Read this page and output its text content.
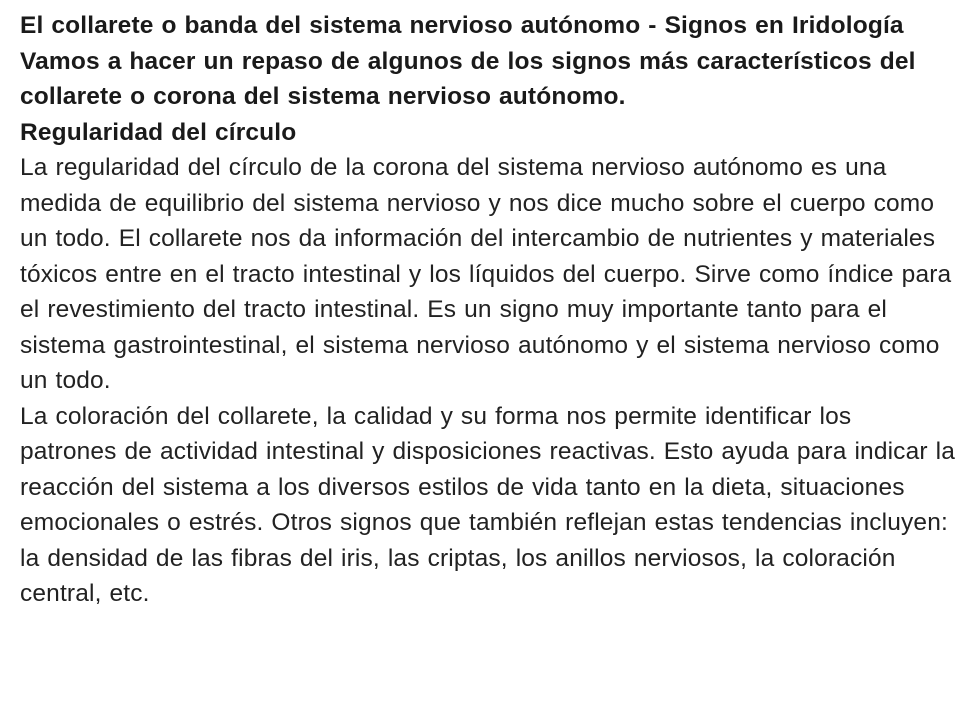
El collarete o banda del sistema nervioso autónomo - Signos en Iridología

Vamos a hacer un repaso de algunos de los signos más característicos del collarete o corona del sistema nervioso autónomo.

Regularidad del círculo

La regularidad del círculo de la corona del sistema nervioso autónomo es una medida de equilibrio del sistema nervioso y nos dice mucho sobre el cuerpo como un todo. El collarete nos da información del intercambio de nutrientes y materiales tóxicos entre en el tracto intestinal y los líquidos del cuerpo. Sirve como índice para el revestimiento del tracto intestinal. Es un signo muy importante tanto para el sistema gastrointestinal, el sistema nervioso autónomo y el sistema nervioso como un todo.

La coloración del collarete, la calidad y su forma nos permite identificar los patrones de actividad intestinal y disposiciones reactivas. Esto ayuda para indicar la reacción del sistema a los diversos estilos de vida tanto en la dieta, situaciones emocionales o estrés. Otros signos que también reflejan estas tendencias incluyen: la densidad de las fibras del iris, las criptas, los anillos nerviosos, la coloración central, etc.
